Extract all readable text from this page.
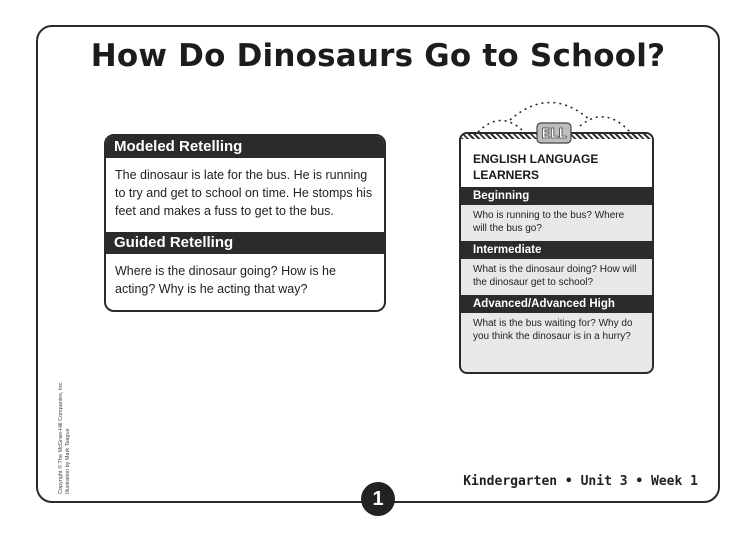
How Do Dinosaurs Go to School?
Modeled Retelling
The dinosaur is late for the bus. He is running to try and get to school on time. He stomps his feet and makes a fuss to get to the bus.
Guided Retelling
Where is the dinosaur going? How is he acting? Why is he acting that way?
ENGLISH LANGUAGE LEARNERS
Beginning
Who is running to the bus? Where will the bus go?
Intermediate
What is the dinosaur doing? How will the dinosaur get to school?
Advanced/Advanced High
What is the bus waiting for? Why do you think the dinosaur is in a hurry?
ELL
Copyright © The McGraw-Hill Companies, Inc. Illustration by Mark Teague	Kindergarten • Unit 3 • Week 1
1
